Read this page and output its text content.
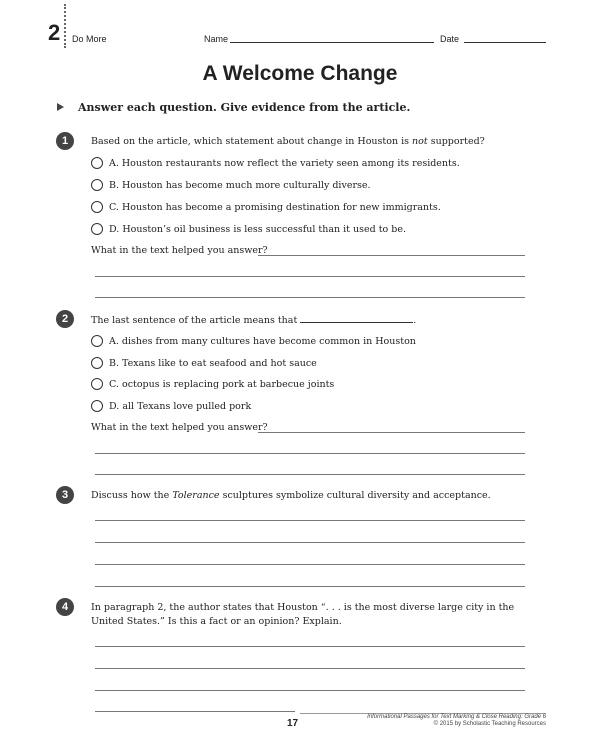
2 Do More	Name	Date
A Welcome Change
Answer each question. Give evidence from the article.
1	Based on the article, which statement about change in Houston is not supported?
A. Houston restaurants now reflect the variety seen among its residents.
B. Houston has become much more culturally diverse.
C. Houston has become a promising destination for new immigrants.
D. Houston’s oil business is less successful than it used to be.
What in the text helped you answer?
2	The last sentence of the article means that	.
A. dishes from many cultures have become common in Houston
B. Texans like to eat seafood and hot sauce
C. octopus is replacing pork at barbecue joints
D. all Texans love pulled pork
What in the text helped you answer?
3	Discuss how the Tolerance sculptures symbolize cultural diversity and acceptance.
4	In paragraph 2, the author states that Houston “. . . is the most diverse large city in the United States.” Is this a fact or an opinion? Explain.
17
Informational Passages for Text Marking & Close Reading: Grade 6
© 2015 by Scholastic Teaching Resources
